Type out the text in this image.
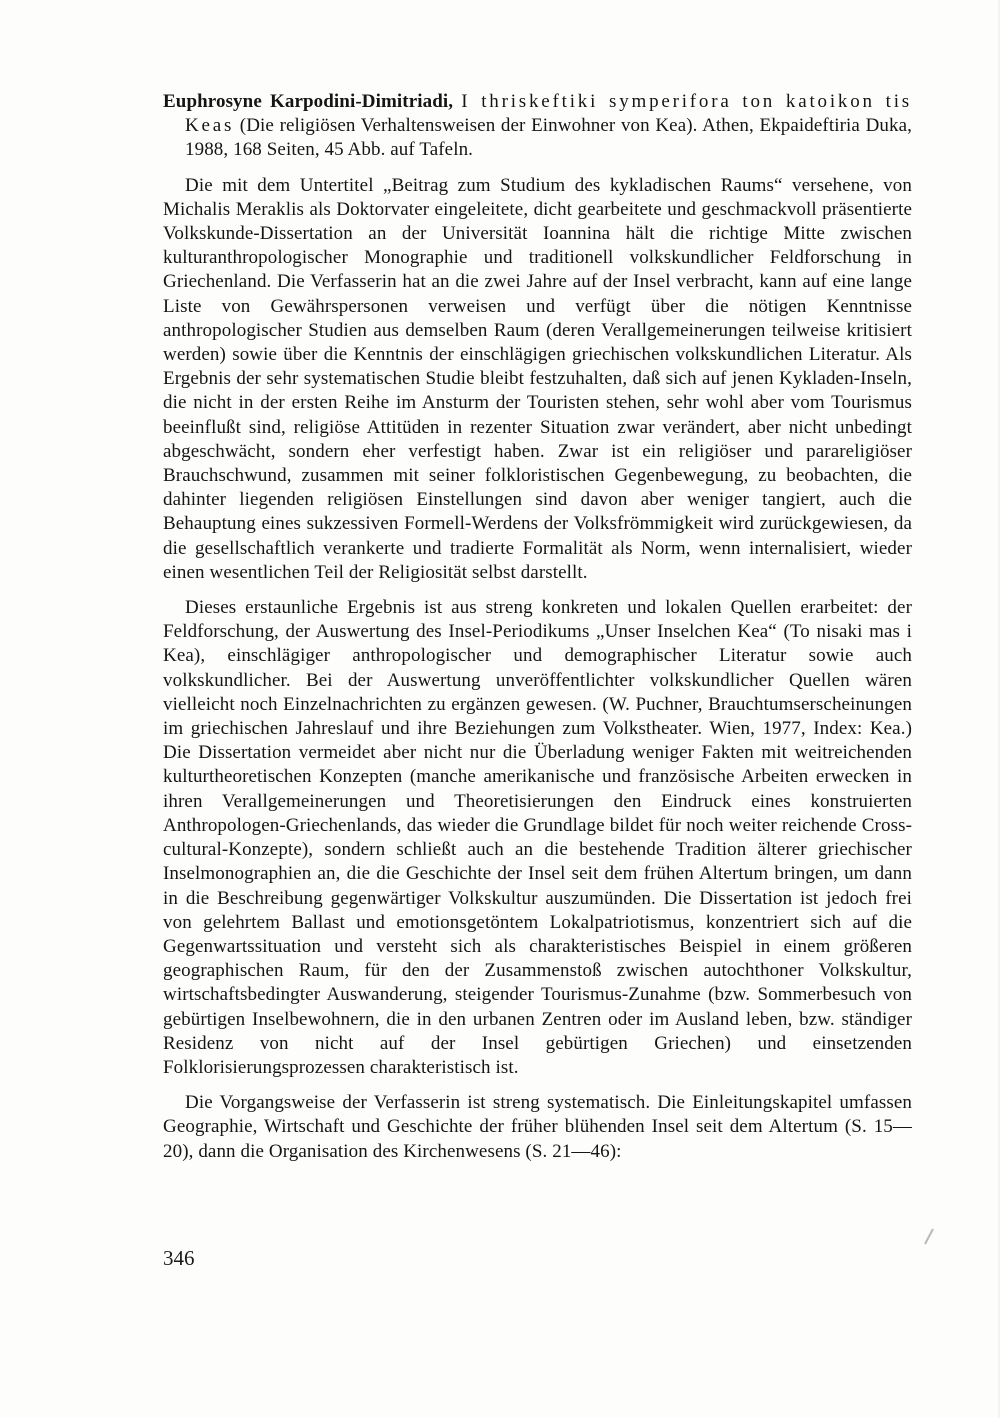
Euphrosyne Karpodini-Dimitriadi, I thriskeftiki symperifora ton katoikon tis Keas (Die religiösen Verhaltensweisen der Einwohner von Kea). Athen, Ekpaideftiria Duka, 1988, 168 Seiten, 45 Abb. auf Tafeln.

Die mit dem Untertitel „Beitrag zum Studium des kykladischen Raums“ versehene, von Michalis Meraklis als Doktorvater eingeleitete, dicht gearbeitete und geschmackvoll präsentierte Volkskunde-Dissertation an der Universität Ioannina hält die richtige Mitte zwischen kulturanthropologischer Monographie und traditionell volkskundlicher Feldforschung in Griechenland. Die Verfasserin hat an die zwei Jahre auf der Insel verbracht, kann auf eine lange Liste von Gewährspersonen verweisen und verfügt über die nötigen Kenntnisse anthropologischer Studien aus demselben Raum (deren Verallgemeinerungen teilweise kritisiert werden) sowie über die Kenntnis der einschlägigen griechischen volkskundlichen Literatur. Als Ergebnis der sehr systematischen Studie bleibt festzuhalten, daß sich auf jenen Kykladen-Inseln, die nicht in der ersten Reihe im Ansturm der Touristen stehen, sehr wohl aber vom Tourismus beeinflußt sind, religiöse Attitüden in rezenter Situation zwar verändert, aber nicht unbedingt abgeschwächt, sondern eher verfestigt haben. Zwar ist ein religiöser und parareligiöser Brauchschwund, zusammen mit seiner folkloristischen Gegenbewegung, zu beobachten, die dahinter liegenden religiösen Einstellungen sind davon aber weniger tangiert, auch die Behauptung eines sukzessiven Formell-Werdens der Volksfrömmigkeit wird zurückgewiesen, da die gesellschaftlich verankerte und tradierte Formalität als Norm, wenn internalisiert, wieder einen wesentlichen Teil der Religiosität selbst darstellt.

Dieses erstaunliche Ergebnis ist aus streng konkreten und lokalen Quellen erarbeitet: der Feldforschung, der Auswertung des Insel-Periodikums „Unser Inselchen Kea“ (To nisaki mas i Kea), einschlägiger anthropologischer und demographischer Literatur sowie auch volkskundlicher. Bei der Auswertung unveröffentlichter volkskundlicher Quellen wären vielleicht noch Einzelnachrichten zu ergänzen gewesen. (W. Puchner, Brauchtumserscheinungen im griechischen Jahreslauf und ihre Beziehungen zum Volkstheater. Wien, 1977, Index: Kea.) Die Dissertation vermeidet aber nicht nur die Überladung weniger Fakten mit weitreichenden kulturtheoretischen Konzepten (manche amerikanische und französische Arbeiten erwecken in ihren Verallgemeinerungen und Theoretisierungen den Eindruck eines konstruierten Anthropologen-Griechenlands, das wieder die Grundlage bildet für noch weiter reichende Cross-cultural-Konzepte), sondern schließt auch an die bestehende Tradition älterer griechischer Inselmonographien an, die die Geschichte der Insel seit dem frühen Altertum bringen, um dann in die Beschreibung gegenwärtiger Volkskultur auszumünden. Die Dissertation ist jedoch frei von gelehrtem Ballast und emotionsgetöntem Lokalpatriotismus, konzentriert sich auf die Gegenwartssituation und versteht sich als charakteristisches Beispiel in einem größeren geographischen Raum, für den der Zusammenstoß zwischen autochthoner Volkskultur, wirtschaftsbedingter Auswanderung, steigender Tourismus-Zunahme (bzw. Sommerbesuch von gebürtigen Inselbewohnern, die in den urbanen Zentren oder im Ausland leben, bzw. ständiger Residenz von nicht auf der Insel gebürtigen Griechen) und einsetzenden Folklorisierungsprozessen charakteristisch ist.

Die Vorgangsweise der Verfasserin ist streng systematisch. Die Einleitungskapitel umfassen Geographie, Wirtschaft und Geschichte der früher blühenden Insel seit dem Altertum (S. 15—20), dann die Organisation des Kirchenwesens (S. 21—46):

346
